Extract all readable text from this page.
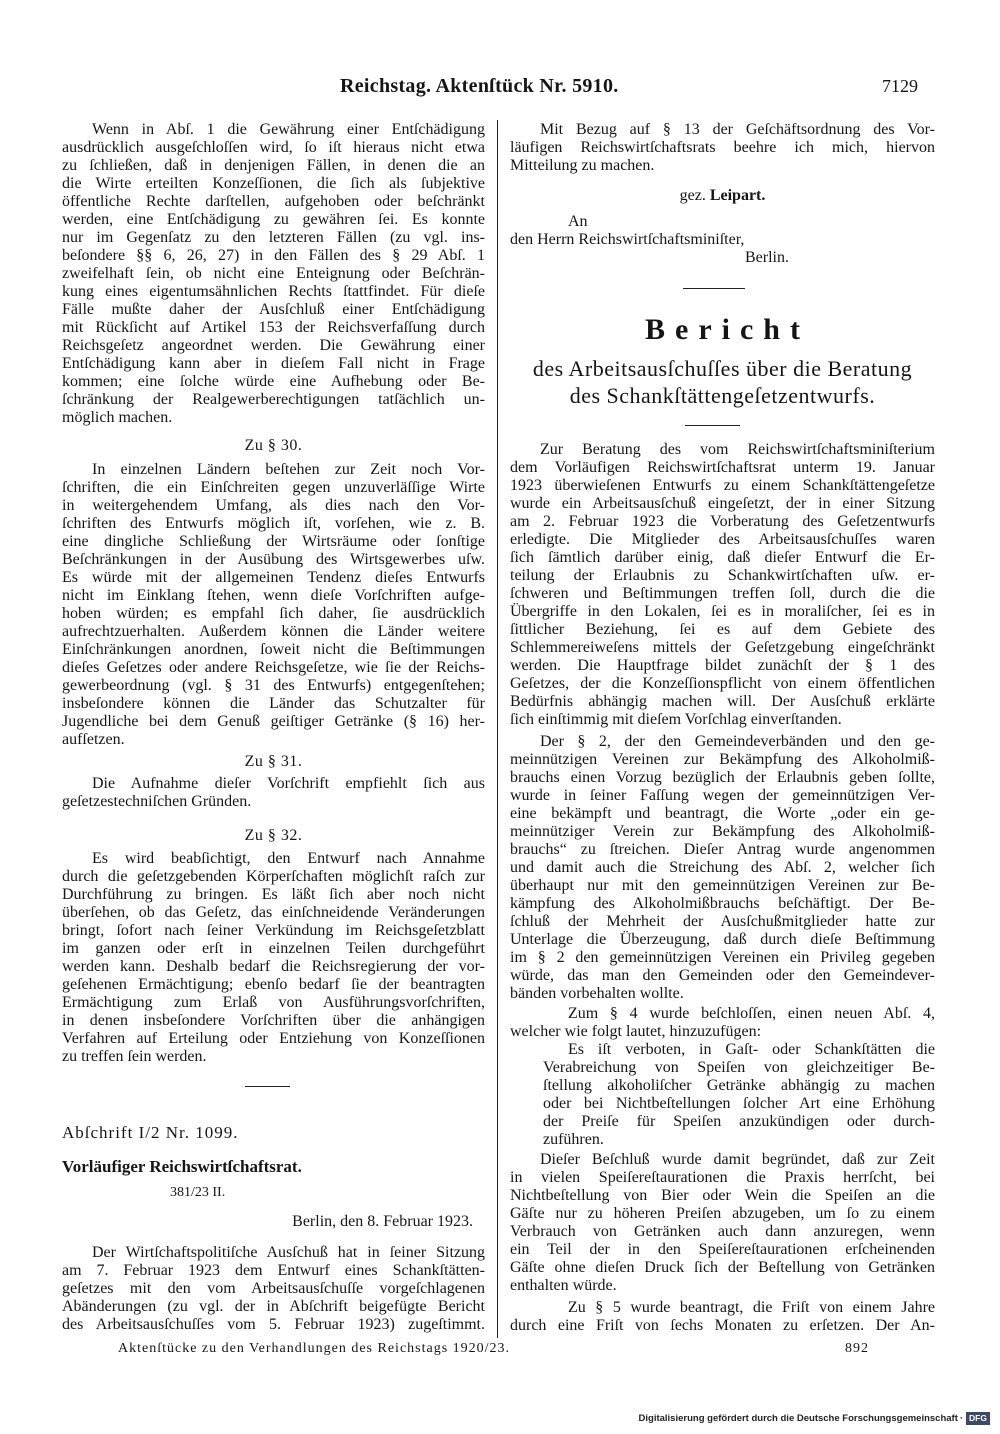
Reichstag. Aktenſtück Nr. 5910.	7129
Wenn in Abſ. 1 die Gewährung einer Entſchädigung
ausdrücklich ausgeſchloſſen wird, ſo iſt hieraus nicht etwa
zu ſchließen, daß in denjenigen Fällen, in denen die an
die Wirte erteilten Konzeſſionen, die ſich als ſubjektive
öffentliche Rechte darſtellen, aufgehoben oder beſchränkt
werden, eine Entſchädigung zu gewähren ſei. Es konnte
nur im Gegenſatz zu den letzteren Fällen (zu vgl. ins-
beſondere §§ 6, 26, 27) in den Fällen des § 29 Abſ. 1
zweifelhaft ſein, ob nicht eine Enteignung oder Beſchrän-
kung eines eigentumsähnlichen Rechts ſtattfindet. Für dieſe
Fälle mußte daher der Ausſchluß einer Entſchädigung
mit Rückſicht auf Artikel 153 der Reichsverfaſſung durch
Reichsgeſetz angeordnet werden. Die Gewährung einer
Entſchädigung kann aber in dieſem Fall nicht in Frage
kommen; eine ſolche würde eine Aufhebung oder Be-
ſchränkung der Realgewerberechtigungen tatſächlich un-
möglich machen.
Zu § 30.
In einzelnen Ländern beſtehen zur Zeit noch Vor-
ſchriften, die ein Einſchreiten gegen unzuverläſſige Wirte
in weitergehendem Umfang, als dies nach den Vor-
ſchriften des Entwurfs möglich iſt, vorſehen, wie z. B.
eine dingliche Schließung der Wirtsräume oder ſonſtige
Beſchränkungen in der Ausübung des Wirtsgewerbes uſw.
Es würde mit der allgemeinen Tendenz dieſes Entwurfs
nicht im Einklang ſtehen, wenn dieſe Vorſchriften aufge-
hoben würden; es empfahl ſich daher, ſie ausdrücklich
aufrechtzuerhalten. Außerdem können die Länder weitere
Einſchränkungen anordnen, ſoweit nicht die Beſtimmungen
dieſes Geſetzes oder andere Reichsgeſetze, wie ſie der Reichs-
gewerbeordnung (vgl. § 31 des Entwurfs) entgegenſtehen;
insbeſondere können die Länder das Schutzalter für
Jugendliche bei dem Genuß geiſtiger Getränke (§ 16) her-
aufſetzen.
Zu § 31.
Die Aufnahme dieſer Vorſchrift empfiehlt ſich aus
geſetzestechniſchen Gründen.
Zu § 32.
Es wird beabſichtigt, den Entwurf nach Annahme
durch die geſetzgebenden Körperſchaften möglichſt raſch zur
Durchführung zu bringen. Es läßt ſich aber noch nicht
überſehen, ob das Geſetz, das einſchneidende Veränderungen
bringt, ſofort nach ſeiner Verkündung im Reichsgeſetzblatt
im ganzen oder erſt in einzelnen Teilen durchgeführt
werden kann. Deshalb bedarf die Reichsregierung der vor-
geſehenen Ermächtigung; ebenſo bedarf ſie der beantragten
Ermächtigung zum Erlaß von Ausführungsvorſchriften,
in denen insbeſondere Vorſchriften über die anhängigen
Verfahren auf Erteilung oder Entziehung von Konzeſſionen
zu treffen ſein werden.
Abſchrift I/2 Nr. 1099.
Vorläufiger Reichswirtſchaftsrat.
381/23 II.
Berlin, den 8. Februar 1923.
Der Wirtſchaftspolitiſche Ausſchuß hat in ſeiner Sitzung
am 7. Februar 1923 dem Entwurf eines Schankſtätten-
geſetzes mit den vom Arbeitsausſchuſſe vorgeſchlagenen
Abänderungen (zu vgl. der in Abſchrift beigefügte Bericht
des Arbeitsausſchuſſes vom 5. Februar 1923) zugeſtimmt.
Mit Bezug auf § 13 der Geſchäftsordnung des Vor-
läufigen Reichswirtſchaftsrats beehre ich mich, hiervon
Mitteilung zu machen.
gez. Leipart.
An
den Herrn Reichswirtſchaftsminiſter,
Berlin.
Bericht
des Arbeitsausſchuſſes über die Beratung
des Schankſtättengeſetzentwurfs.
Zur Beratung des vom Reichswirtſchaftsminiſterium
dem Vorläufigen Reichswirtſchaftsrat unterm 19. Januar
1923 überwieſenen Entwurfs zu einem Schankſtättengeſetze
wurde ein Arbeitsausſchuß eingeſetzt, der in einer Sitzung
am 2. Februar 1923 die Vorberatung des Geſetzentwurfs
erledigte. Die Mitglieder des Arbeitsausſchuſſes waren
ſich ſämtlich darüber einig, daß dieſer Entwurf die Er-
teilung der Erlaubnis zu Schankwirtſchaften uſw. er-
ſchweren und Beſtimmungen treffen ſoll, durch die die
Übergriffe in den Lokalen, ſei es in moraliſcher, ſei es in
ſittlicher Beziehung, ſei es auf dem Gebiete des
Schlemmereiweſens mittels der Geſetzgebung eingeſchränkt
werden. Die Hauptfrage bildet zunächſt der § 1 des
Geſetzes, der die Konzeſſionspflicht von einem öffentlichen
Bedürfnis abhängig machen will. Der Ausſchuß erklärte
ſich einſtimmig mit dieſem Vorſchlag einverſtanden.
Der § 2, der den Gemeindeverbänden und den ge-
meinnützigen Vereinen zur Bekämpfung des Alkoholmiß-
brauchs einen Vorzug bezüglich der Erlaubnis geben ſollte,
wurde in ſeiner Faſſung wegen der gemeinnützigen Ver-
eine bekämpft und beantragt, die Worte „oder ein ge-
meinnütziger Verein zur Bekämpfung des Alkoholmiß-
brauchs“ zu ſtreichen. Dieſer Antrag wurde angenommen
und damit auch die Streichung des Abſ. 2, welcher ſich
überhaupt nur mit den gemeinnützigen Vereinen zur Be-
kämpfung des Alkoholmißbrauchs beſchäftigt. Der Be-
ſchluß der Mehrheit der Ausſchußmitglieder hatte zur
Unterlage die Überzeugung, daß durch dieſe Beſtimmung
im § 2 den gemeinnützigen Vereinen ein Privileg gegeben
würde, das man den Gemeinden oder den Gemeindever-
bänden vorbehalten wollte.
Zum § 4 wurde beſchloſſen, einen neuen Abſ. 4,
welcher wie folgt lautet, hinzuzufügen:
Es iſt verboten, in Gaſt- oder Schankſtätten die
Verabreichung von Speiſen von gleichzeitiger Be-
ſtellung alkoholiſcher Getränke abhängig zu machen
oder bei Nichtbeſtellungen ſolcher Art eine Erhöhung
der Preiſe für Speiſen anzukündigen oder durch-
zuführen.
Dieſer Beſchluß wurde damit begründet, daß zur Zeit
in vielen Speiſereſtaurationen die Praxis herrſcht, bei
Nichtbeſtellung von Bier oder Wein die Speiſen an die
Gäſte nur zu höheren Preiſen abzugeben, um ſo zu einem
Verbrauch von Getränken auch dann anzuregen, wenn
ein Teil der in den Speiſereſtaurationen erſcheinenden
Gäſte ohne dieſen Druck ſich der Beſtellung von Getränken
enthalten würde.
Zu § 5 wurde beantragt, die Friſt von einem Jahre
durch eine Friſt von ſechs Monaten zu erſetzen. Der An-
Aktenſtücke zu den Verhandlungen des Reichstags 1920/23.	892
Digitalisierung gefördert durch die Deutsche Forschungsgemeinschaft · DFG
